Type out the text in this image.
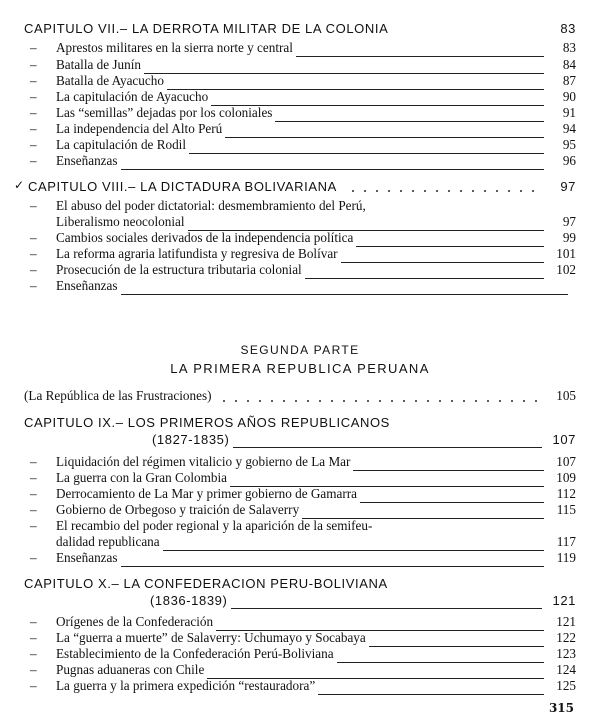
CAPITULO VII.– LA DERROTA MILITAR DE LA COLONIA	83
– Aprestos militares en la sierra norte y central	83
– Batalla de Junín	84
– Batalla de Ayacucho	87
– La capitulación de Ayacucho	90
– Las “semillas” dejadas por los coloniales	91
– La independencia del Alto Perú	94
– La capitulación de Rodil	95
– Enseñanzas	96
✓ CAPITULO VIII.– LA DICTADURA BOLIVARIANA	97
– El abuso del poder dictatorial: desmembramiento del Perú,
Liberalismo neocolonial	97
– Cambios sociales derivados de la independencia política	99
– La reforma agraria latifundista y regresiva de Bolívar	101
– Prosecución de la estructura tributaria colonial	102
– Enseñanzas
SEGUNDA PARTE
LA PRIMERA REPUBLICA PERUANA
(La República de las Frustraciones)	105
CAPITULO IX.– LOS PRIMEROS AÑOS REPUBLICANOS
(1827-1835)	107
– Liquidación del régimen vitalicio y gobierno de La Mar	107
– La guerra con la Gran Colombia	109
– Derrocamiento de La Mar y primer gobierno de Gamarra	112
– Gobierno de Orbegoso y traición de Salaverry	115
– El recambio del poder regional y la aparición de la semifeu-
dalidad republicana	117
– Enseñanzas	119
CAPITULO X.– LA CONFEDERACION PERU-BOLIVIANA
(1836-1839)	121
– Orígenes de la Confederación	121
– La “guerra a muerte” de Salaverry: Uchumayo y Socabaya	122
– Establecimiento de la Confederación Perú-Boliviana	123
– Pugnas aduaneras con Chile	124
– La guerra y la primera expedición “restauradora”	125
315
